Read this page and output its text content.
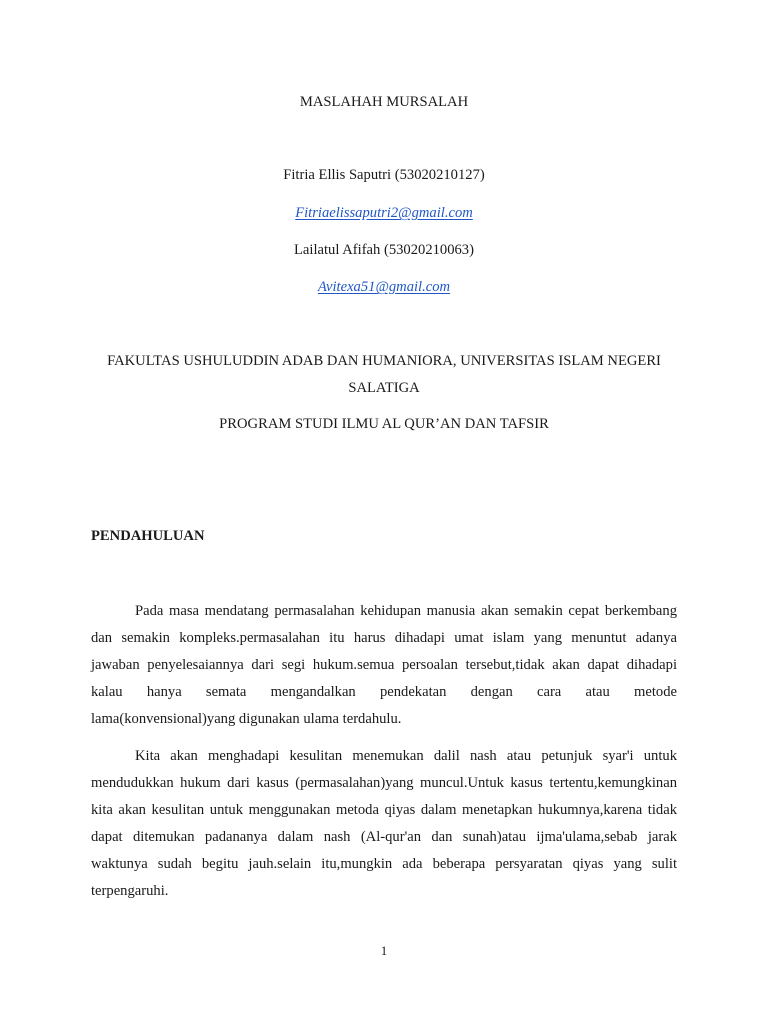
MASLAHAH MURSALAH
Fitria Ellis Saputri (53020210127)
Fitriaelissaputri2@gmail.com
Lailatul Afifah (53020210063)
Avitexa51@gmail.com
FAKULTAS USHULUDDIN ADAB DAN HUMANIORA, UNIVERSITAS ISLAM NEGERI
SALATIGA
PROGRAM STUDI ILMU AL QUR’AN DAN TAFSIR
PENDAHULUAN
Pada masa mendatang permasalahan kehidupan manusia akan semakin cepat berkembang
dan semakin kompleks.permasalahan itu harus dihadapi umat islam yang menuntut adanya
jawaban penyelesaiannya dari segi hukum.semua persoalan tersebut,tidak akan dapat dihadapi
kalau hanya semata mengandalkan pendekatan dengan cara atau metode
lama(konvensional)yang digunakan ulama terdahulu.
Kita akan menghadapi kesulitan menemukan dalil nash atau petunjuk syar'i untuk
mendudukkan hukum dari kasus (permasalahan)yang muncul.Untuk kasus tertentu,kemungkinan
kita akan kesulitan untuk menggunakan metoda qiyas dalam menetapkan hukumnya,karena tidak
dapat ditemukan padananya dalam nash (Al-qur'an dan sunah)atau ijma'ulama,sebab jarak
waktunya sudah begitu jauh.selain itu,mungkin ada beberapa persyaratan qiyas yang sulit
terpengaruhi.
1
